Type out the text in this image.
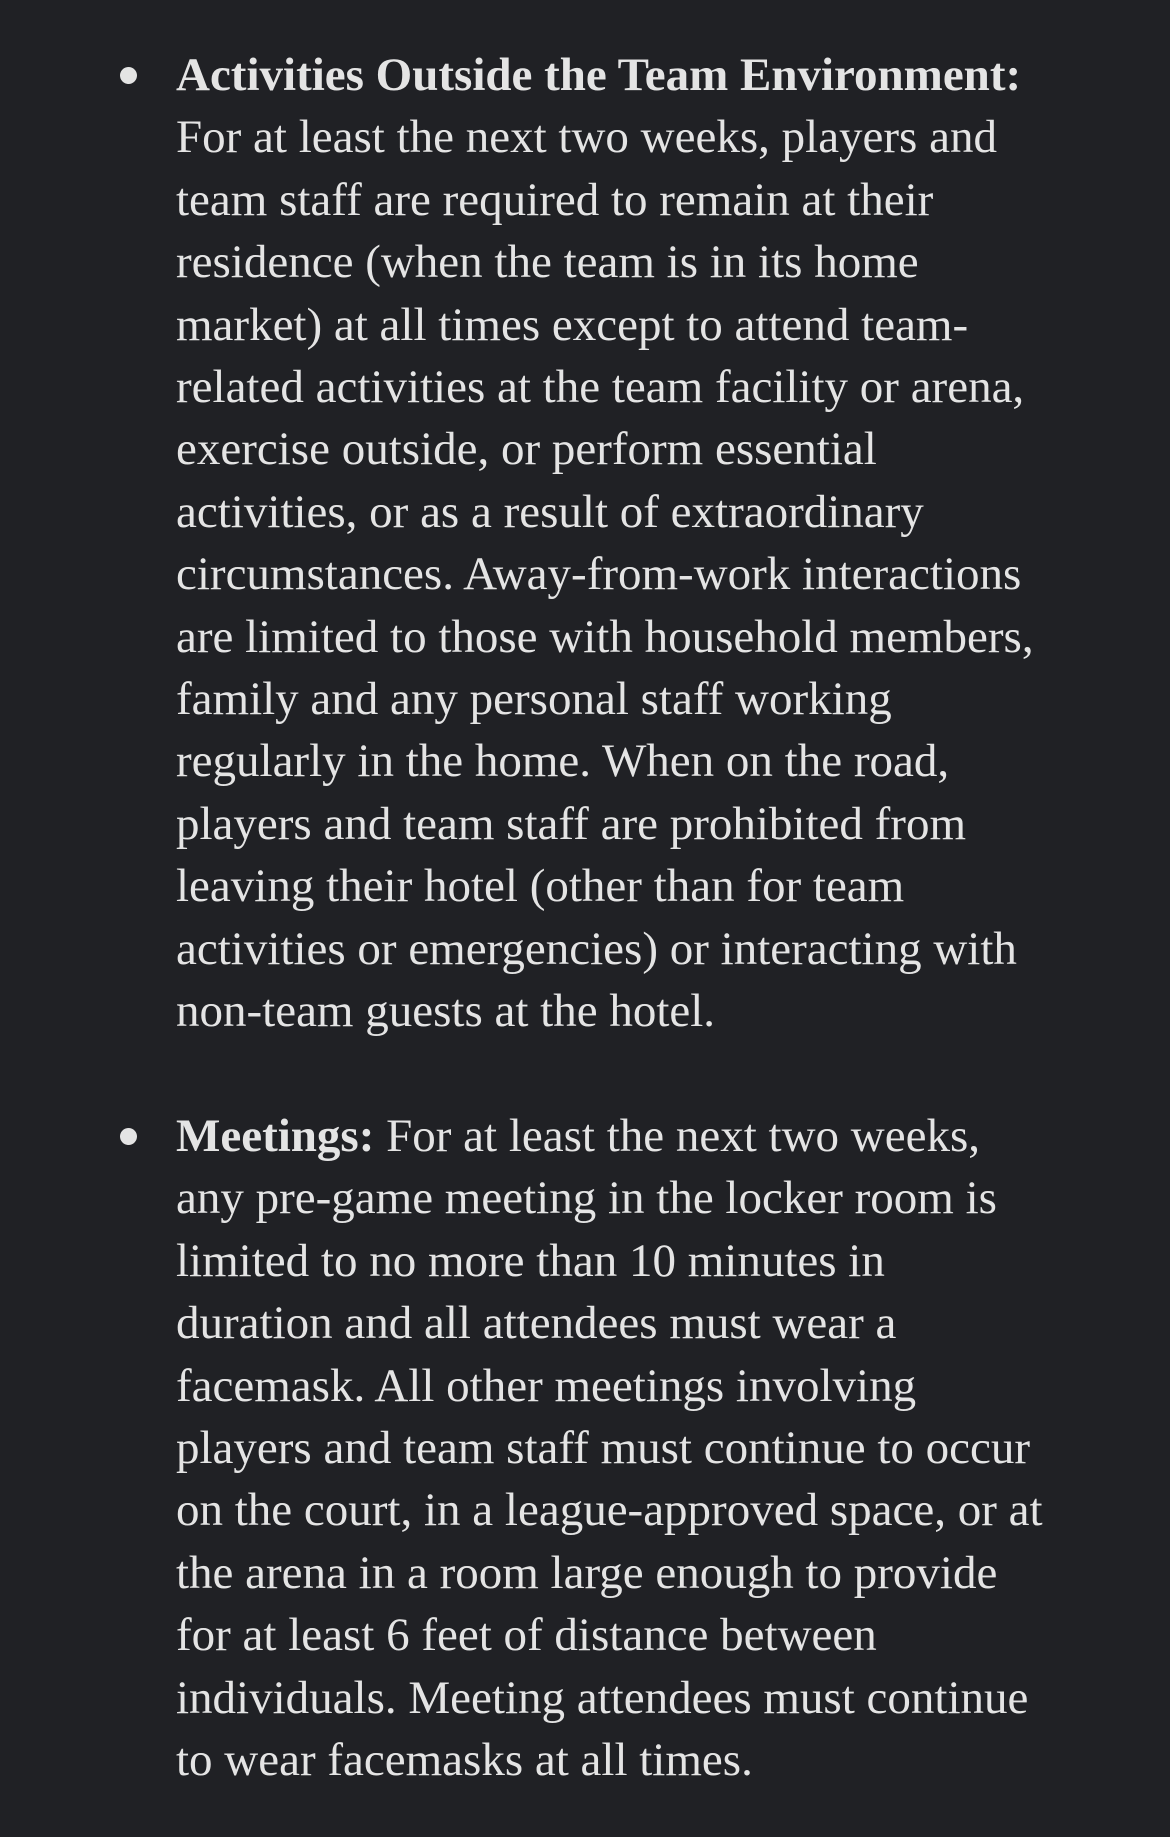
Activities Outside the Team Environment:
For at least the next two weeks, players and
team staff are required to remain at their
residence (when the team is in its home
market) at all times except to attend team-
related activities at the team facility or arena,
exercise outside, or perform essential
activities, or as a result of extraordinary
circumstances. Away-from-work interactions
are limited to those with household members,
family and any personal staff working
regularly in the home. When on the road,
players and team staff are prohibited from
leaving their hotel (other than for team
activities or emergencies) or interacting with
non-team guests at the hotel.

Meetings: For at least the next two weeks,
any pre-game meeting in the locker room is
limited to no more than 10 minutes in
duration and all attendees must wear a
facemask. All other meetings involving
players and team staff must continue to occur
on the court, in a league-approved space, or at
the arena in a room large enough to provide
for at least 6 feet of distance between
individuals. Meeting attendees must continue
to wear facemasks at all times.
